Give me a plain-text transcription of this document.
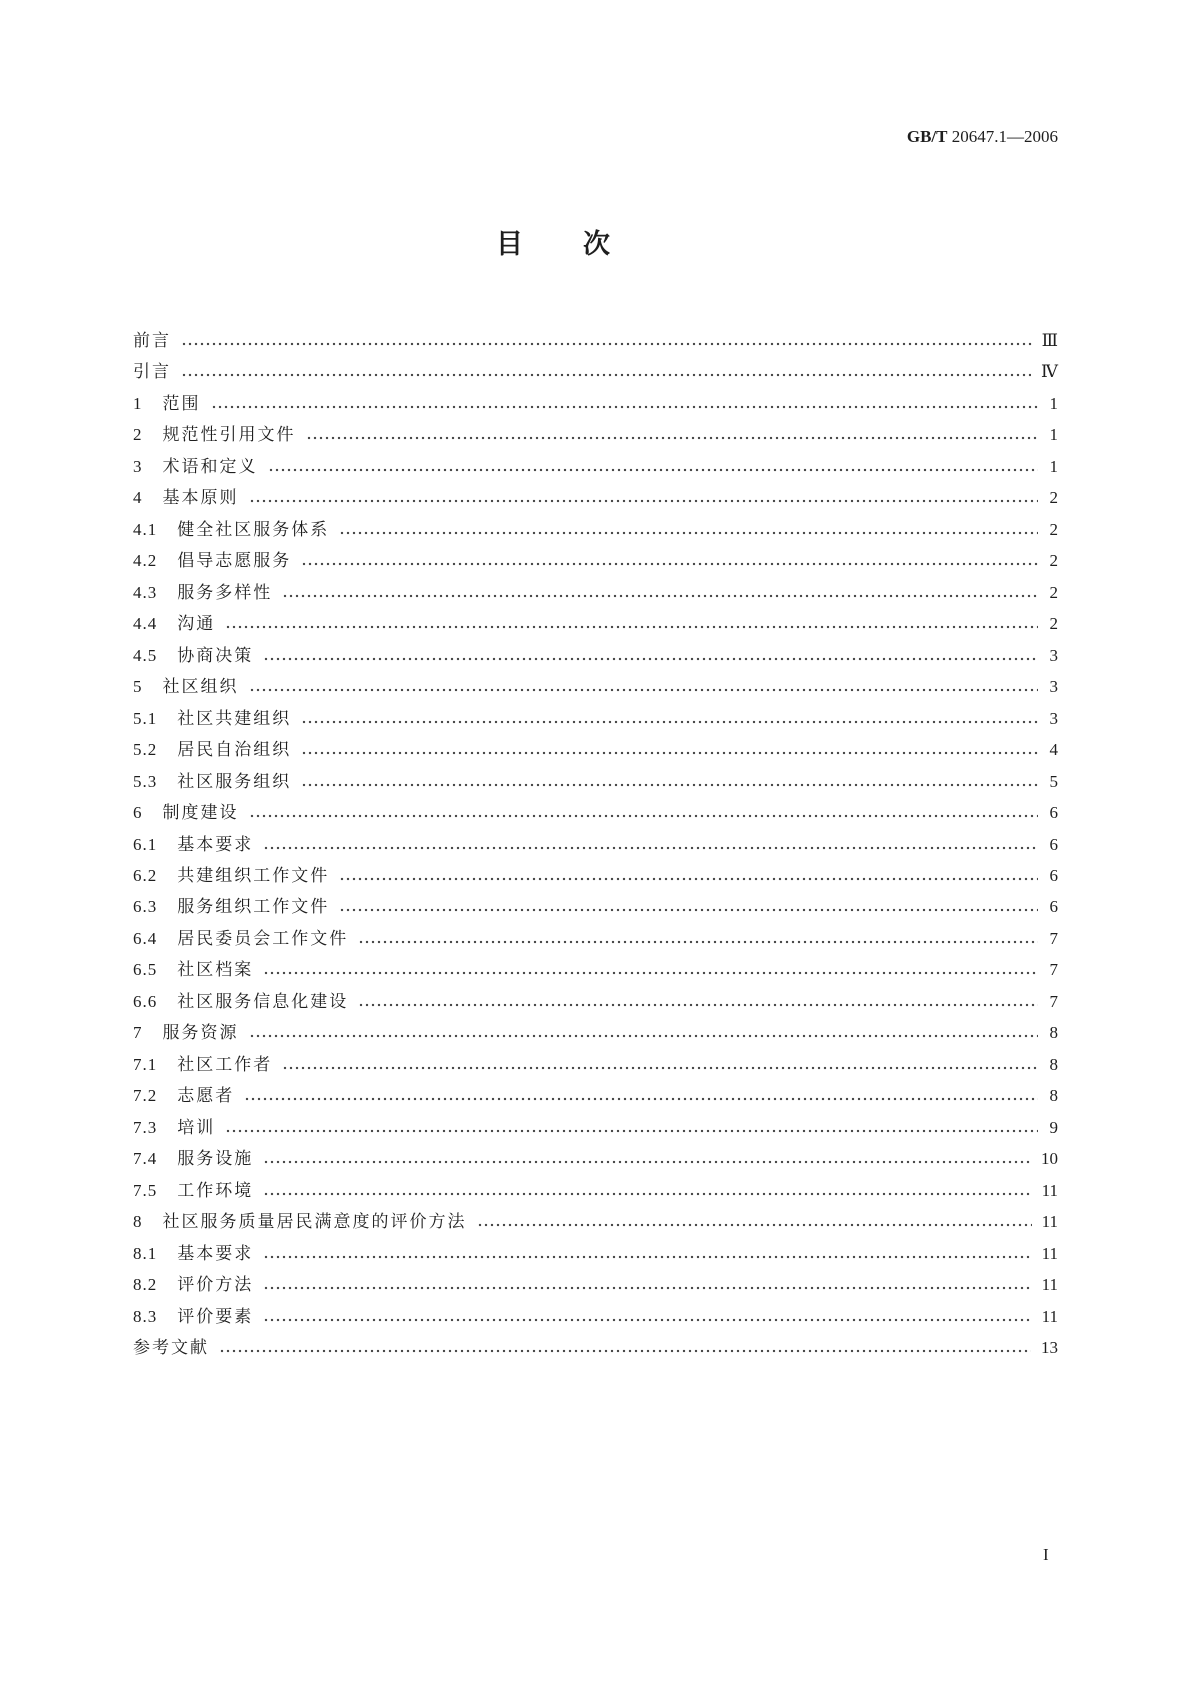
GB/T 20647.1—2006
目 次
前言	Ⅲ
引言	Ⅳ
1 范围	1
2 规范性引用文件	1
3 术语和定义	1
4 基本原则	2
4.1 健全社区服务体系	2
4.2 倡导志愿服务	2
4.3 服务多样性	2
4.4 沟通	2
4.5 协商决策	3
5 社区组织	3
5.1 社区共建组织	3
5.2 居民自治组织	4
5.3 社区服务组织	5
6 制度建设	6
6.1 基本要求	6
6.2 共建组织工作文件	6
6.3 服务组织工作文件	6
6.4 居民委员会工作文件	7
6.5 社区档案	7
6.6 社区服务信息化建设	7
7 服务资源	8
7.1 社区工作者	8
7.2 志愿者	8
7.3 培训	9
7.4 服务设施	10
7.5 工作环境	11
8 社区服务质量居民满意度的评价方法	11
8.1 基本要求	11
8.2 评价方法	11
8.3 评价要素	11
参考文献	13
I
